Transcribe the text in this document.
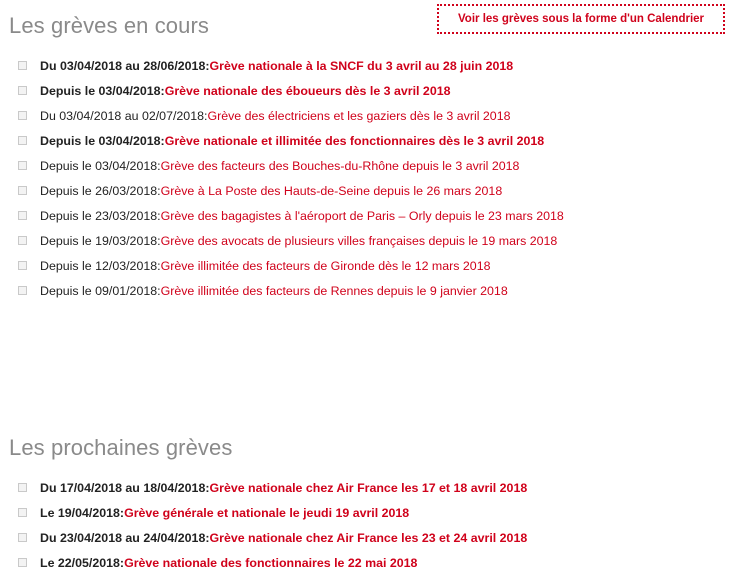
Les grèves en cours	Voir les grèves sous la forme d'un Calendrier
Du 03/04/2018 au 28/06/2018 : Grève nationale à la SNCF du 3 avril au 28 juin 2018
Depuis le 03/04/2018 : Grève nationale des éboueurs dès le 3 avril 2018
Du 03/04/2018 au 02/07/2018 : Grève des électriciens et les gaziers dès le 3 avril 2018
Depuis le 03/04/2018 : Grève nationale et illimitée des fonctionnaires dès le 3 avril 2018
Depuis le 03/04/2018 : Grève des facteurs des Bouches-du-Rhône depuis le 3 avril 2018
Depuis le 26/03/2018 : Grève à La Poste des Hauts-de-Seine depuis le 26 mars 2018
Depuis le 23/03/2018 : Grève des bagagistes à l'aéroport de Paris – Orly depuis le 23 mars 2018
Depuis le 19/03/2018 : Grève des avocats de plusieurs villes françaises depuis le 19 mars 2018
Depuis le 12/03/2018 : Grève illimitée des facteurs de Gironde dès le 12 mars 2018
Depuis le 09/01/2018 : Grève illimitée des facteurs de Rennes depuis le 9 janvier 2018
Les prochaines grèves
Du 17/04/2018 au 18/04/2018 : Grève nationale chez Air France les 17 et 18 avril 2018
Le 19/04/2018 : Grève générale et nationale le jeudi 19 avril 2018
Du 23/04/2018 au 24/04/2018 : Grève nationale chez Air France les 23 et 24 avril 2018
Le 22/05/2018 : Grève nationale des fonctionnaires le 22 mai 2018
